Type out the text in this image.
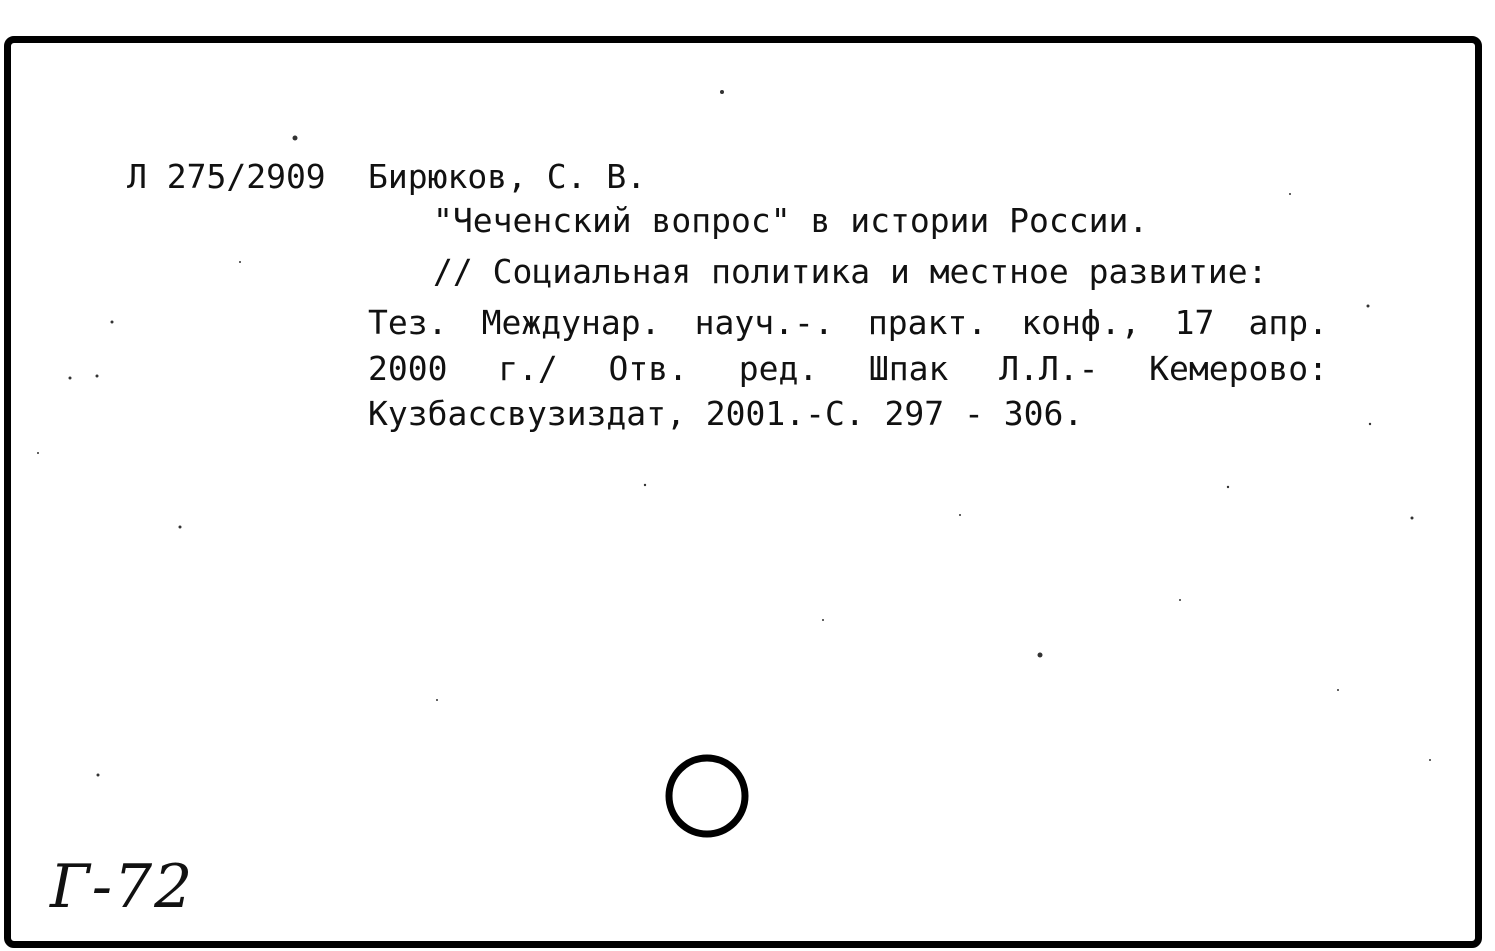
Л 275/2909 Бирюков, С. В.
"Чеченский вопрос" в истории России.
// Социальная политика и местное развитие:
Тез. Междунар. науч.-. практ. конф., 17 апр.
2000 г./ Отв. ред. Шпак Л.Л.- Кемерово:
Кузбассвузиздат, 2001.-С. 297 - 306.
Г-72
